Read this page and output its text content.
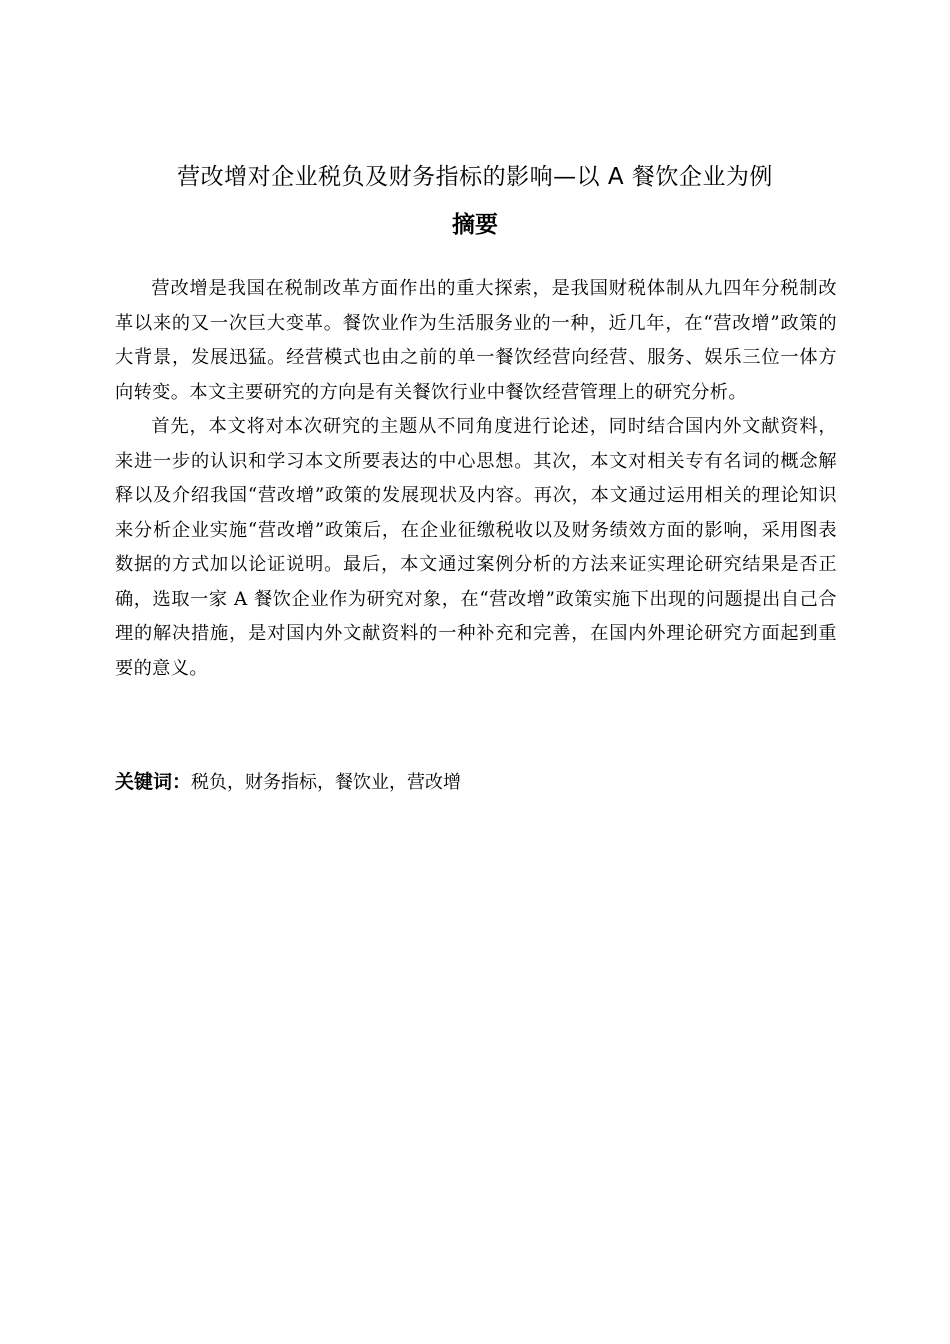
营改增对企业税负及财务指标的影响—以 A 餐饮企业为例
摘要

营改增是我国在税制改革方面作出的重大探索，是我国财税体制从九四年分税制改革以来的又一次巨大变革。餐饮业作为生活服务业的一种，近几年，在“营改增”政策的大背景，发展迅猛。经营模式也由之前的单一餐饮经营向经营、服务、娱乐三位一体方向转变。本文主要研究的方向是有关餐饮行业中餐饮经营管理上的研究分析。

首先，本文将对本次研究的主题从不同角度进行论述，同时结合国内外文献资料，来进一步的认识和学习本文所要表达的中心思想。其次，本文对相关专有名词的概念解释以及介绍我国“营改增”政策的发展现状及内容。再次，本文通过运用相关的理论知识来分析企业实施“营改增”政策后，在企业征缴税收以及财务绩效方面的影响，采用图表数据的方式加以论证说明。最后，本文通过案例分析的方法来证实理论研究结果是否正确，选取一家 A 餐饮企业作为研究对象，在“营改增”政策实施下出现的问题提出自己合理的解决措施，是对国内外文献资料的一种补充和完善，在国内外理论研究方面起到重要的意义。

关键词：税负，财务指标，餐饮业，营改增
